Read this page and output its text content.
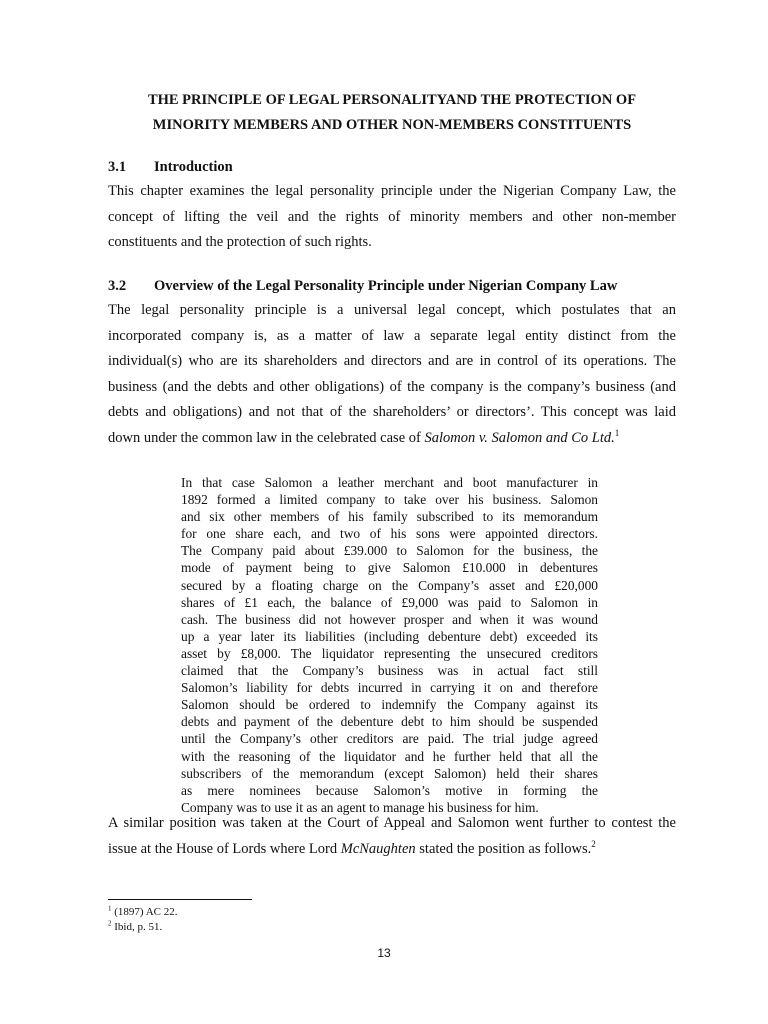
THE PRINCIPLE OF LEGAL PERSONALITYAND THE PROTECTION OF
MINORITY MEMBERS AND OTHER NON-MEMBERS CONSTITUENTS
3.1 Introduction
This chapter examines the legal personality principle under the Nigerian Company Law, the
concept of lifting the veil and the rights of minority members and other non-member
constituents and the protection of such rights.
3.2 Overview of the Legal Personality Principle under Nigerian Company Law
The legal personality principle is a universal legal concept, which postulates that an
incorporated company is, as a matter of law a separate legal entity distinct from the
individual(s) who are its shareholders and directors and are in control of its operations. The
business (and the debts and other obligations) of the company is the company’s business (and
debts and obligations) and not that of the shareholders’ or directors’. This concept was laid
down under the common law in the celebrated case of Salomon v. Salomon and Co Ltd.$^1$
In that case Salomon a leather merchant and boot manufacturer in
1892 formed a limited company to take over his business. Salomon
and six other members of his family subscribed to its memorandum
for one share each, and two of his sons were appointed directors.
The Company paid about £39.000 to Salomon for the business, the
mode of payment being to give Salomon £10.000 in debentures
secured by a floating charge on the Company’s asset and £20,000
shares of £1 each, the balance of £9,000 was paid to Salomon in
cash. The business did not however prosper and when it was wound
up a year later its liabilities (including debenture debt) exceeded its
asset by £8,000. The liquidator representing the unsecured creditors
claimed that the Company’s business was in actual fact still
Salomon’s liability for debts incurred in carrying it on and therefore
Salomon should be ordered to indemnify the Company against its
debts and payment of the debenture debt to him should be suspended
until the Company’s other creditors are paid. The trial judge agreed
with the reasoning of the liquidator and he further held that all the
subscribers of the memorandum (except Salomon) held their shares
as mere nominees because Salomon’s motive in forming the
Company was to use it as an agent to manage his business for him.
A similar position was taken at the Court of Appeal and Salomon went further to contest the
issue at the House of Lords where Lord McNaughten stated the position as follows.$^2$
$^1$ (1897) AC 22.
$^2$ Ibid, p. 51.
13
